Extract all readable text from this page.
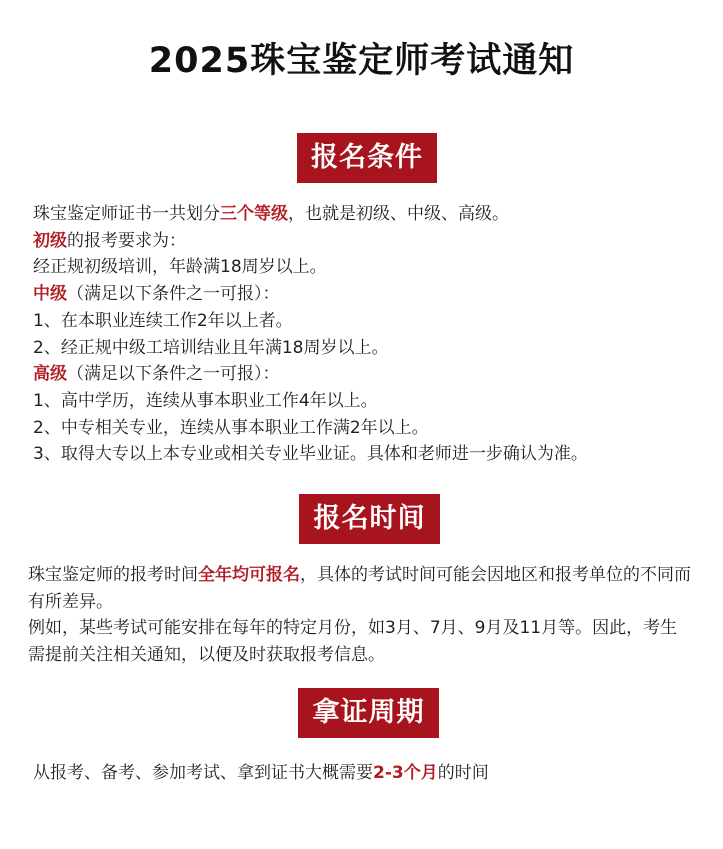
2025珠宝鉴定师考试通知
报名条件
珠宝鉴定师证书一共划分三个等级，也就是初级、中级、高级。
初级的报考要求为：
经正规初级培训，年龄满18周岁以上。
中级（满足以下条件之一可报）：
1、在本职业连续工作2年以上者。
2、经正规中级工培训结业且年满18周岁以上。
高级（满足以下条件之一可报）：
1、高中学历，连续从事本职业工作4年以上。
2、中专相关专业，连续从事本职业工作满2年以上。
3、取得大专以上本专业或相关专业毕业证。具体和老师进一步确认为准。
报名时间
珠宝鉴定师的报考时间全年均可报名，具体的考试时间可能会因地区和报考单位的不同而有所差异。
例如，某些考试可能安排在每年的特定月份，如3月、7月、9月及11月等。因此，考生需提前关注相关通知，以便及时获取报考信息。
拿证周期
从报考、备考、参加考试、拿到证书大概需要2-3个月的时间
